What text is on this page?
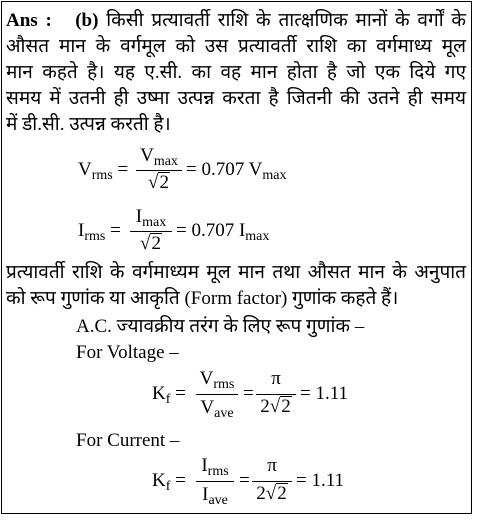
Ans : (b) किसी प्रत्यावर्ती राशि के तात्क्षणिक मानों के वर्गों के
औसत मान के वर्गमूल को उस प्रत्यावर्ती राशि का वर्गमाध्य मूल
मान कहते है। यह ए.सी. का वह मान होता है जो एक दिये गए
समय में उतनी ही उष्मा उत्पन्न करता है जितनी की उतने ही समय
में डी.सी. उत्पन्न करती है।
$V_{rms}$ =
$V_{max}$
√2
= 0.707 $V_{max}$
$I_{rms}$ =
$I_{max}$
√2
= 0.707 $I_{max}$
प्रत्यावर्ती राशि के वर्गमाध्यम मूल मान तथा औसत मान के अनुपात
को रूप गुणांक या आकृति (Form factor) गुणांक कहते हैं।
A.C. ज्यावक्रीय तरंग के लिए रूप गुणांक –
For Voltage –
$K_f$ =
$V_{rms}$
$V_{ave}$
=
π
2√2
= 1.11
For Current –
$K_f$ =
$I_{rms}$
$I_{ave}$
=
π
2√2
= 1.11
